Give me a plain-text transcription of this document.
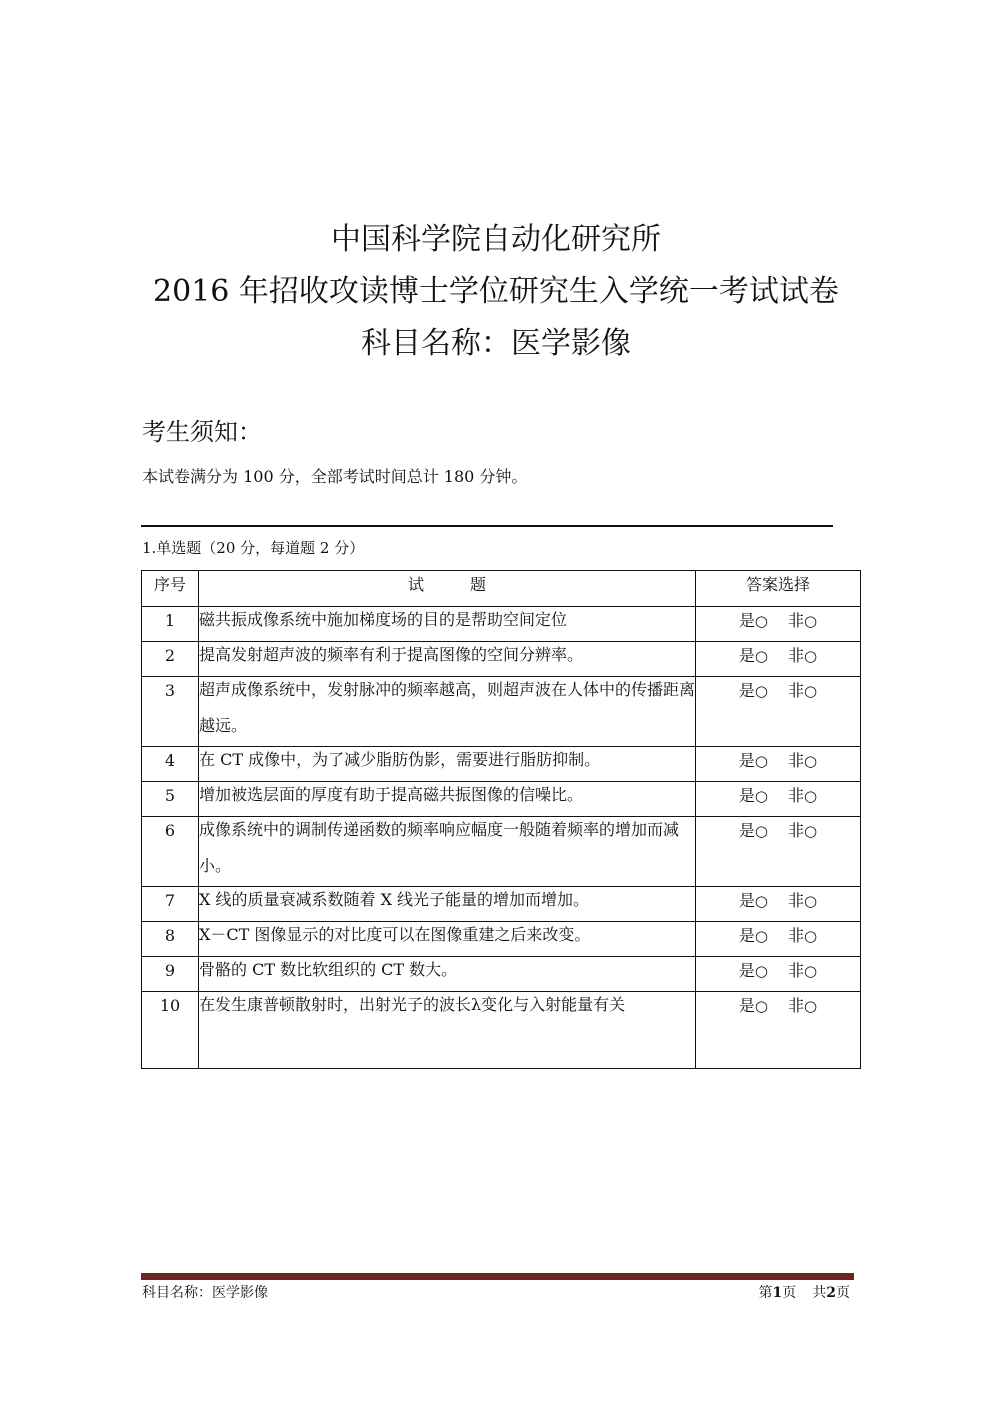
中国科学院自动化研究所
2016 年招收攻读博士学位研究生入学统一考试试卷
科目名称：医学影像
考生须知：
本试卷满分为 100 分，全部考试时间总计 180 分钟。
1.单选题（20 分，每道题 2 分）
序号	试 题	答案选择
1	磁共振成像系统中施加梯度场的目的是帮助空间定位	是○ 非○
2	提高发射超声波的频率有利于提高图像的空间分辨率。	是○ 非○
3	超声成像系统中，发射脉冲的频率越高，则超声波在人体中的传播距离越远。	是○ 非○
4	在 CT 成像中，为了减少脂肪伪影，需要进行脂肪抑制。	是○ 非○
5	增加被选层面的厚度有助于提高磁共振图像的信噪比。	是○ 非○
6	成像系统中的调制传递函数的频率响应幅度一般随着频率的增加而减小。	是○ 非○
7	X 线的质量衰减系数随着 X 线光子能量的增加而增加。	是○ 非○
8	X－CT 图像显示的对比度可以在图像重建之后来改变。	是○ 非○
9	骨骼的 CT 数比软组织的 CT 数大。	是○ 非○
10	在发生康普顿散射时，出射光子的波长λ变化与入射能量有关	是○ 非○
科目名称：医学影像	第1页 共2页
